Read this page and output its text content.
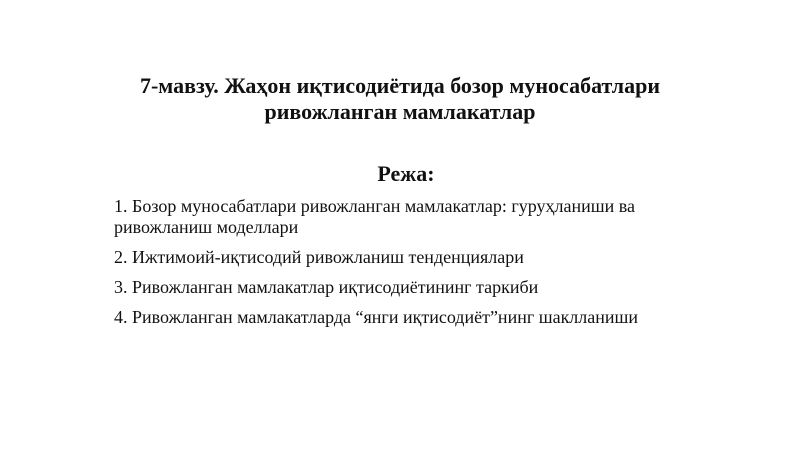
7-мавзу. Жаҳон иқтисодиётида бозор муносабатлари
ривожланган мамлакатлар
Режа:
1. Бозор муносабатлари ривожланган мамлакатлар: гуруҳланиши ва ривожланиш моделлари
2. Ижтимоий-иқтисодий ривожланиш тенденциялари
3. Ривожланган мамлакатлар иқтисодиётининг таркиби
4. Ривожланган мамлакатларда “янги иқтисодиёт”нинг шаклланиши
